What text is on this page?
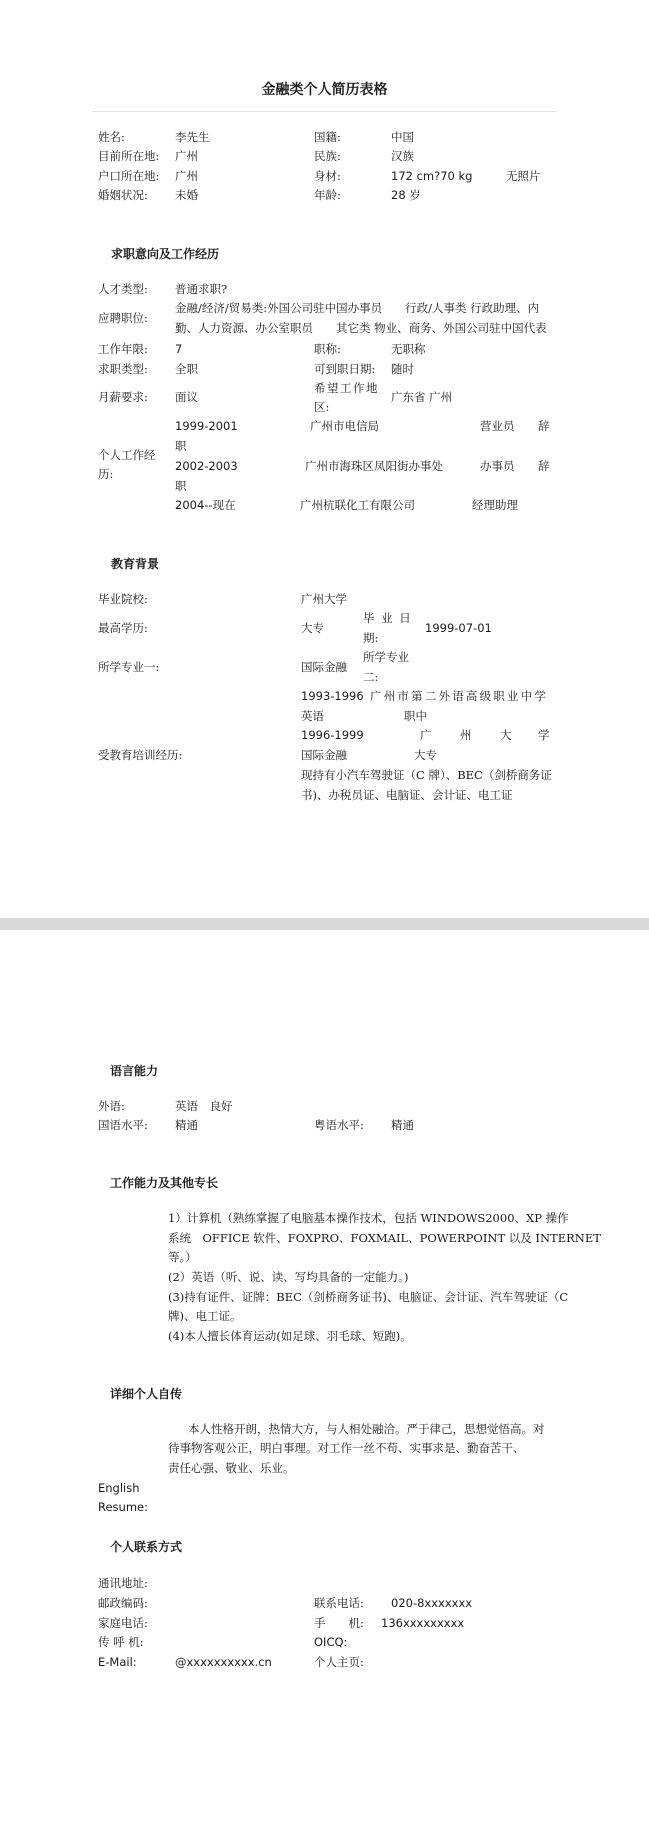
金融类个人简历表格
姓名:	李先生	国籍:	中国
目前所在地: 广州	民族:	汉族
户口所在地: 广州	身材:	172 cm?70 kg	无照片
婚姻状况: 未婚	年龄:	28 岁
求职意向及工作经历
人才类型: 普通求职?
应聘职位:
金融/经济/贸易类:外国公司驻中国办事员　　行政/人事类 行政助理、内
勤、人力资源、办公室职员　　其它类 物业、商务、外国公司驻中国代表
工作年限: 7	职称:	无职称
求职类型: 全职	可到职日期: 随时
月薪要求: 面议
希望工作地
区:
广东省 广州
个人工作经
历:
1999-2001	广州市电信局	营业员 辞
职
2002-2003	广州市海珠区凤阳街办事处	办事员 辞
职
2004--现在	广州杭联化工有限公司	经理助理
教育背景
毕业院校:	广州大学
最高学历:	大专
毕 业 日
期:
1999-07-01
所学专业一:	国际金融
所学专业
二:
受教育培训经历:
1993-1996 广州市第二外语高级职业中学
英语	职中
1996-1999	广 州 大 学
国际金融	大专
现持有小汽车驾驶证（C 牌）、BEC（剑桥商务证
书)、办税员证、电脑证、会计证、电工证
语言能力
外语:	英语　良好
国语水平: 精通	粤语水平: 精通
工作能力及其他专长
1）计算机（熟练掌握了电脑基本操作技术，包括 WINDOWS2000、XP 操作
系统　OFFICE 软件、FOXPRO、FOXMAIL、POWERPOINT 以及 INTERNET
等。）
(2）英语（听、说、读、写均具备的一定能力。)
(3)持有证件、证牌：BEC（剑桥商务证书)、电脑证、会计证、汽车驾驶证（C
牌)、电工证。
(4)本人擅长体育运动(如足球、羽毛球、短跑)。
详细个人自传
本人性格开朗，热情大方，与人相处融洽。严于律己，思想觉悟高。对
待事物客观公正，明白事理。对工作一丝不苟、实事求是、勤奋苦干、
责任心强、敬业、乐业。
English
Resume:
个人联系方式
通讯地址:
邮政编码:	联系电话: 020-8xxxxxxx
家庭电话:	手　　机: 136xxxxxxxxx
传 呼 机:	OICQ:
E-Mail:	@xxxxxxxxxx.cn	个人主页:
